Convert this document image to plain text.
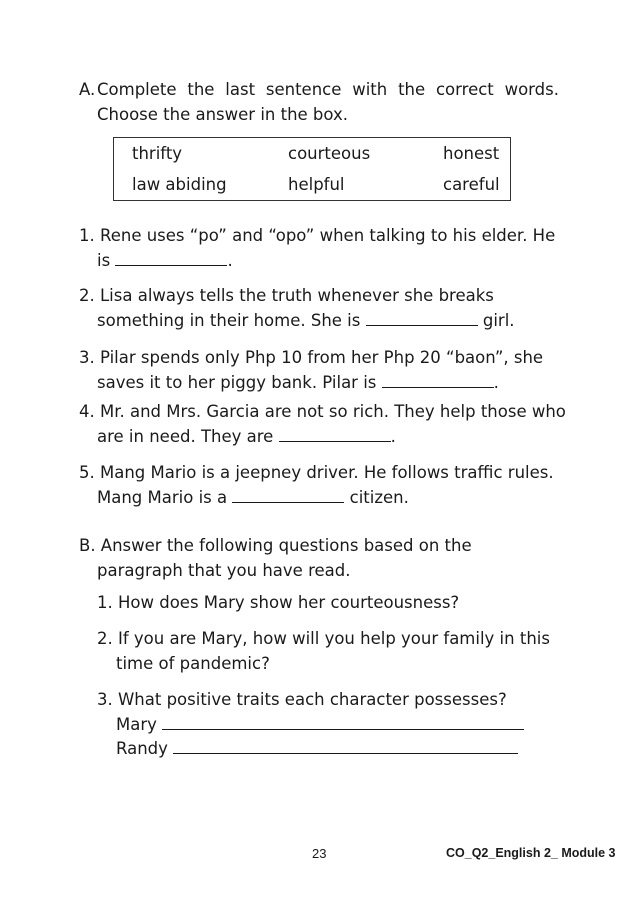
A. Complete the last sentence with the correct words.
Choose the answer in the box.
thrifty	courteous	honest
law abiding	helpful	careful
1. Rene uses “po” and “opo” when talking to his elder. He
is	.
2. Lisa always tells the truth whenever she breaks
something in their home. She is	girl.
3. Pilar spends only Php 10 from her Php 20 “baon”, she
saves it to her piggy bank. Pilar is	.
4. Mr. and Mrs. Garcia are not so rich. They help those who
are in need. They are	.
5. Mang Mario is a jeepney driver. He follows traffic rules.
Mang Mario is a	citizen.
B. Answer the following questions based on the
paragraph that you have read.
1. How does Mary show her courteousness?
2. If you are Mary, how will you help your family in this
time of pandemic?
3. What positive traits each character possesses?
Mary
Randy
23	CO_Q2_English 2_ Module 3
